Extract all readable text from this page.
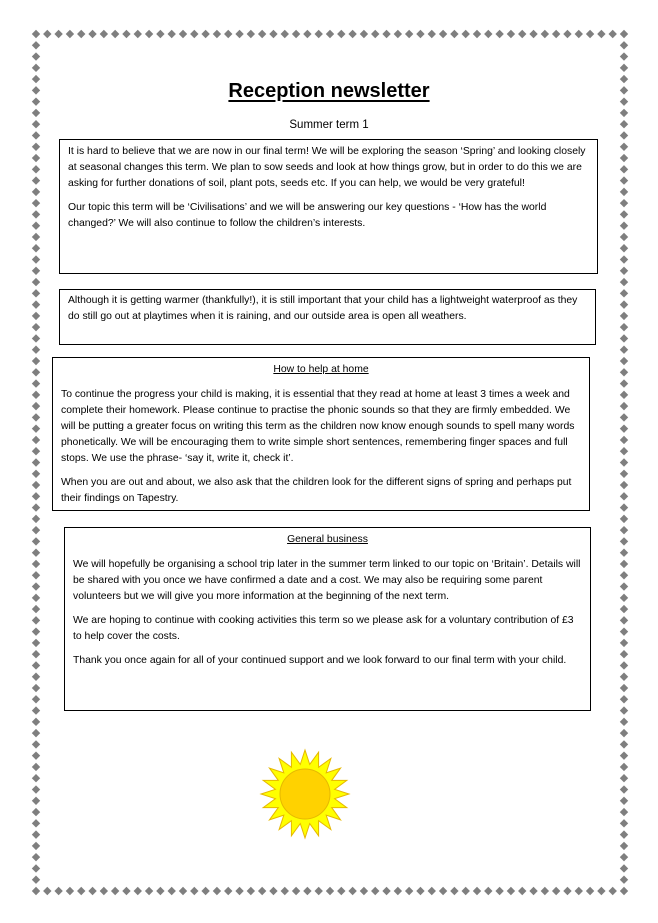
Reception newsletter
Summer term 1

It is hard to believe that we are now in our final term! We will be exploring the season ‘Spring’ and looking closely at seasonal changes this term. We plan to sow seeds and look at how things grow, but in order to do this we are asking for further donations of soil, plant pots, seeds etc. If you can help, we would be very grateful!

Our topic this term will be ‘Civilisations’ and we will be answering our key questions - ‘How has the world changed?’ We will also continue to follow the children’s interests.

Although it is getting warmer (thankfully!), it is still important that your child has a lightweight waterproof as they do still go out at playtimes when it is raining, and our outside area is open all weathers.

How to help at home

To continue the progress your child is making, it is essential that they read at home at least 3 times a week and complete their homework. Please continue to practise the phonic sounds so that they are firmly embedded. We will be putting a greater focus on writing this term as the children now know enough sounds to spell many words phonetically. We will be encouraging them to write simple short sentences, remembering finger spaces and full stops. We use the phrase- ‘say it, write it, check it’.

When you are out and about, we also ask that the children look for the different signs of spring and perhaps put their findings on Tapestry.

General business

We will hopefully be organising a school trip later in the summer term linked to our topic on ‘Britain’. Details will be shared with you once we have confirmed a date and a cost. We may also be requiring some parent volunteers but we will give you more information at the beginning of the next term.

We are hoping to continue with cooking activities this term so we please ask for a voluntary contribution of £3 to help cover the costs.

Thank you once again for all of your continued support and we look forward to our final term with your child.
